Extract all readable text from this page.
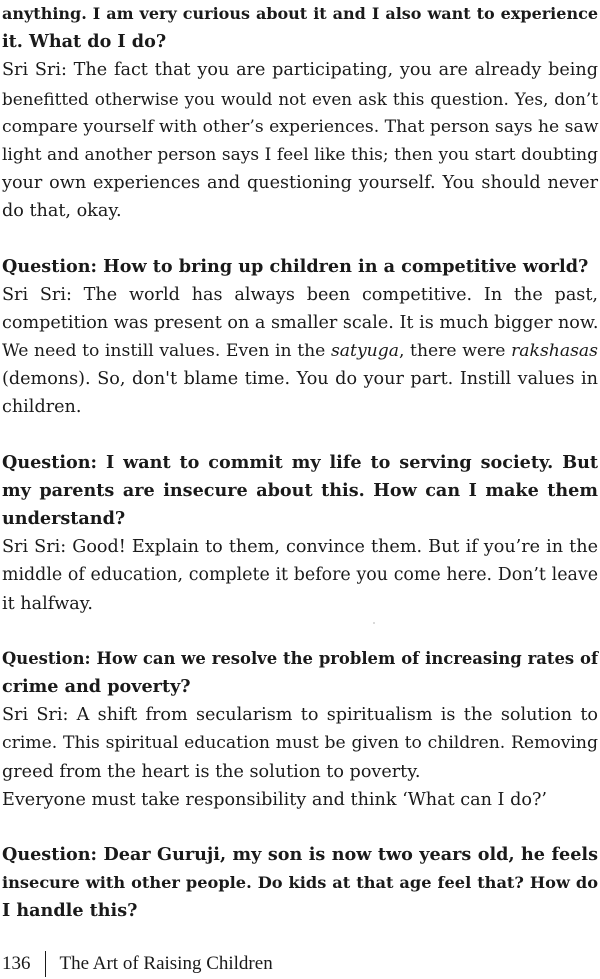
anything. I am very curious about it and I also want to experience
it. What do I do?
Sri Sri: The fact that you are participating, you are already being
benefitted otherwise you would not even ask this question. Yes, don’t
compare yourself with other’s experiences. That person says he saw
light and another person says I feel like this; then you start doubting
your own experiences and questioning yourself. You should never
do that, okay.
Question: How to bring up children in a competitive world?
Sri Sri: The world has always been competitive. In the past,
competition was present on a smaller scale. It is much bigger now.
We need to instill values. Even in the satyuga, there were rakshasas
(demons). So, don't blame time. You do your part. Instill values in
children.
Question: I want to commit my life to serving society. But
my parents are insecure about this. How can I make them
understand?
Sri Sri: Good! Explain to them, convince them. But if you’re in the
middle of education, complete it before you come here. Don’t leave
it halfway.
Question: How can we resolve the problem of increasing rates of
crime and poverty?
Sri Sri: A shift from secularism to spiritualism is the solution to
crime. This spiritual education must be given to children. Removing
greed from the heart is the solution to poverty.
Everyone must take responsibility and think ‘What can I do?’
Question: Dear Guruji, my son is now two years old, he feels
insecure with other people. Do kids at that age feel that? How do
I handle this?
136 The Art of Raising Children
